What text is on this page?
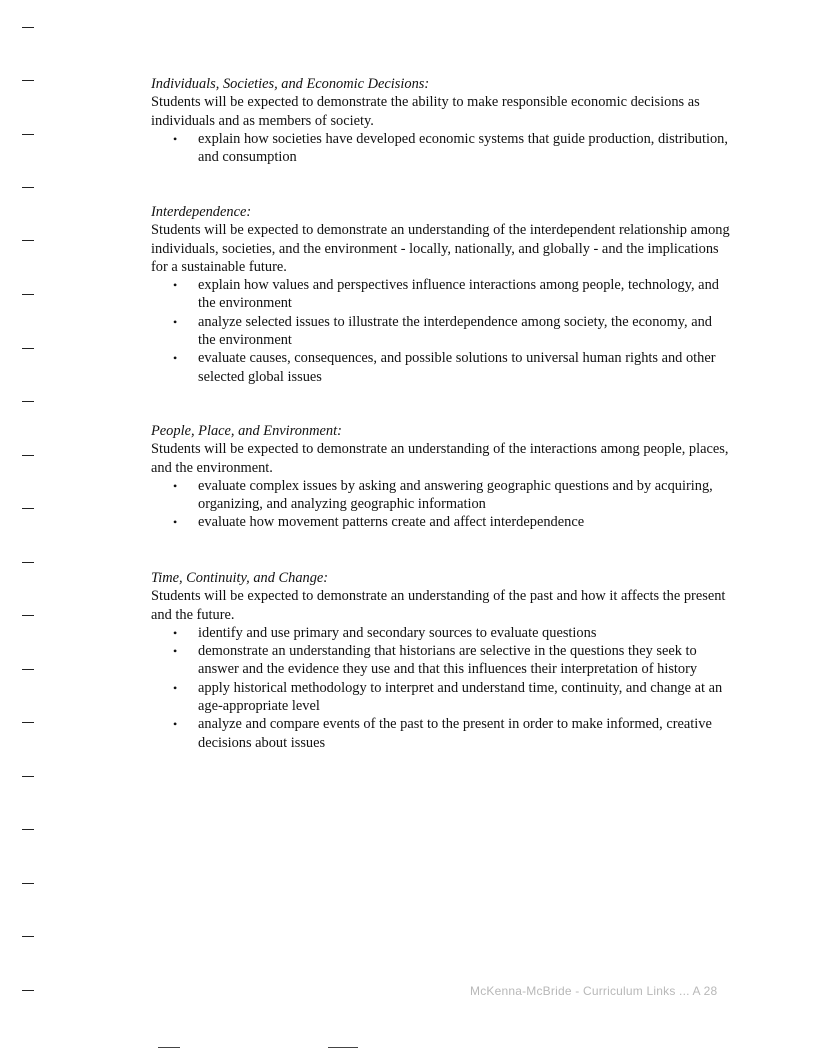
Individuals, Societies, and Economic Decisions:

Students will be expected to demonstrate the ability to make responsible economic decisions as individuals and as members of society.

• explain how societies have developed economic systems that guide production, distribution, and consumption
Interdependence:

Students will be expected to demonstrate an understanding of the interdependent relationship among individuals, societies, and the environment - locally, nationally, and globally - and the implications for a sustainable future.

• explain how values and perspectives influence interactions among people, technology, and the environment
• analyze selected issues to illustrate the interdependence among society, the economy, and the environment
• evaluate causes, consequences, and possible solutions to universal human rights and other selected global issues
People, Place, and Environment:

Students will be expected to demonstrate an understanding of the interactions among people, places, and the environment.

• evaluate complex issues by asking and answering geographic questions and by acquiring, organizing, and analyzing geographic information
• evaluate how movement patterns create and affect interdependence
Time, Continuity, and Change:

Students will be expected to demonstrate an understanding of the past and how it affects the present and the future.

• identify and use primary and secondary sources to evaluate questions
• demonstrate an understanding that historians are selective in the questions they seek to answer and the evidence they use and that this influences their interpretation of history
• apply historical methodology to interpret and understand time, continuity, and change at an age-appropriate level
• analyze and compare events of the past to the present in order to make informed, creative decisions about issues
McKenna-McBride - Curriculum Links ... A 28
